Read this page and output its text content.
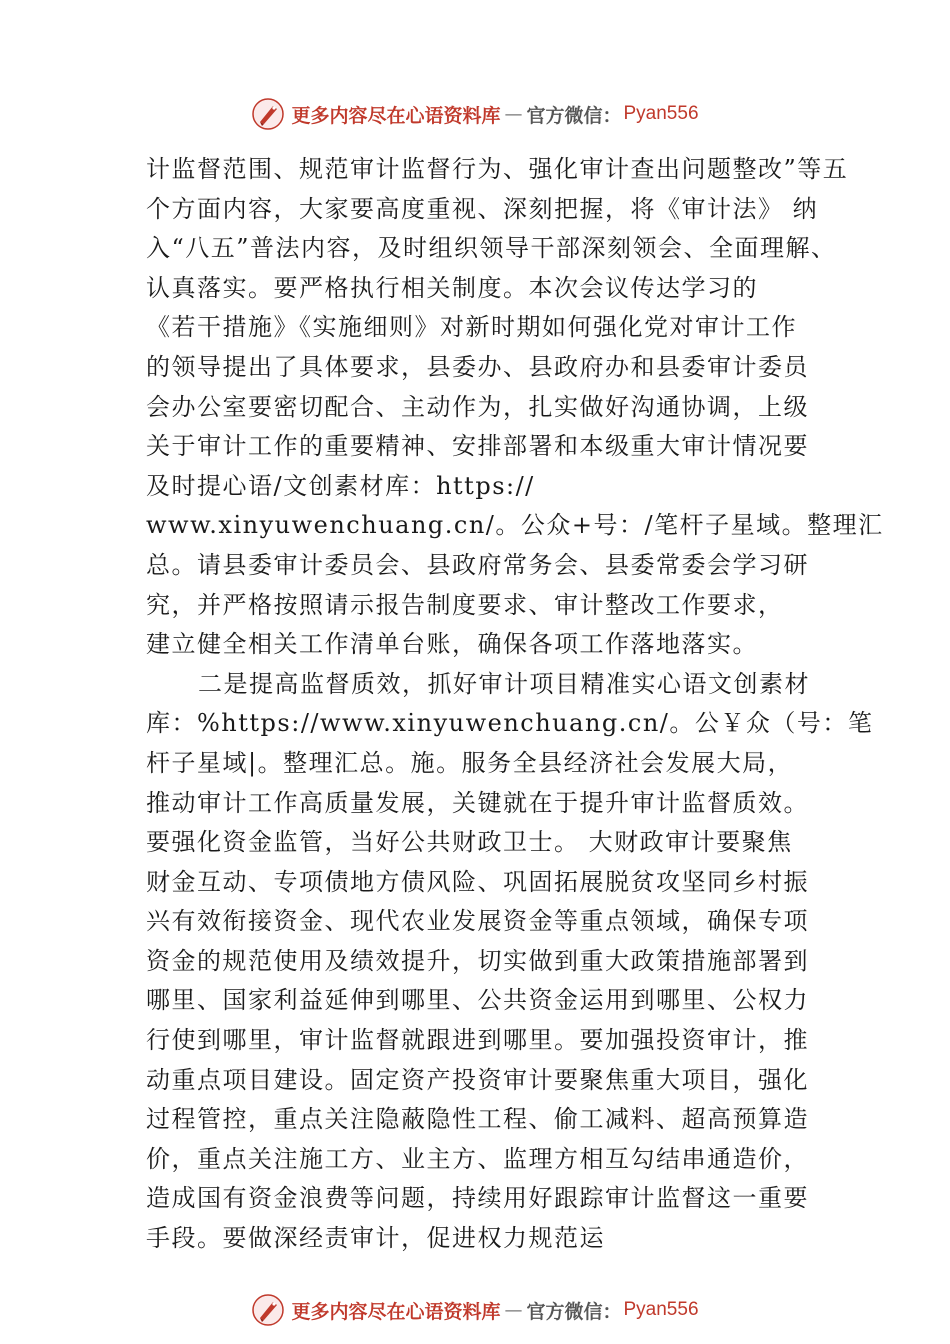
更多内容尽在心语资料库 — 官方微信： Pyan556
计监督范围、规范审计监督行为、强化审计查出问题整改”等五
个方面内容，大家要高度重视、深刻把握，将《审计法》 纳
入“八五”普法内容，及时组织领导干部深刻领会、全面理解、
认真落实。要严格执行相关制度。本次会议传达学习的
《若干措施》《实施细则》对新时期如何强化党对审计工作
的领导提出了具体要求，县委办、县政府办和县委审计委员
会办公室要密切配合、主动作为，扎实做好沟通协调，上级
关于审计工作的重要精神、安排部署和本级重大审计情况要
及时提心语/文创素材库：https://
www.xinyuwenchuang.cn/。公众+号：/笔杆子星域。整理汇
总。请县委审计委员会、县政府常务会、县委常委会学习研
究，并严格按照请示报告制度要求、审计整改工作要求，
建立健全相关工作清单台账，确保各项工作落地落实。
二是提高监督质效，抓好审计项目精准实心语文创素材
库：%https://www.xinyuwenchuang.cn/。公￥众（号：笔
杆子星域|。整理汇总。施。服务全县经济社会发展大局，
推动审计工作高质量发展，关键就在于提升审计监督质效。
要强化资金监管，当好公共财政卫士。 大财政审计要聚焦
财金互动、专项债地方债风险、巩固拓展脱贫攻坚同乡村振
兴有效衔接资金、现代农业发展资金等重点领域，确保专项
资金的规范使用及绩效提升，切实做到重大政策措施部署到
哪里、国家利益延伸到哪里、公共资金运用到哪里、公权力
行使到哪里，审计监督就跟进到哪里。要加强投资审计，推
动重点项目建设。固定资产投资审计要聚焦重大项目，强化
过程管控，重点关注隐蔽隐性工程、偷工减料、超高预算造
价，重点关注施工方、业主方、监理方相互勾结串通造价，
造成国有资金浪费等问题，持续用好跟踪审计监督这一重要
手段。要做深经责审计，促进权力规范运
更多内容尽在心语资料库 — 官方微信： Pyan556
